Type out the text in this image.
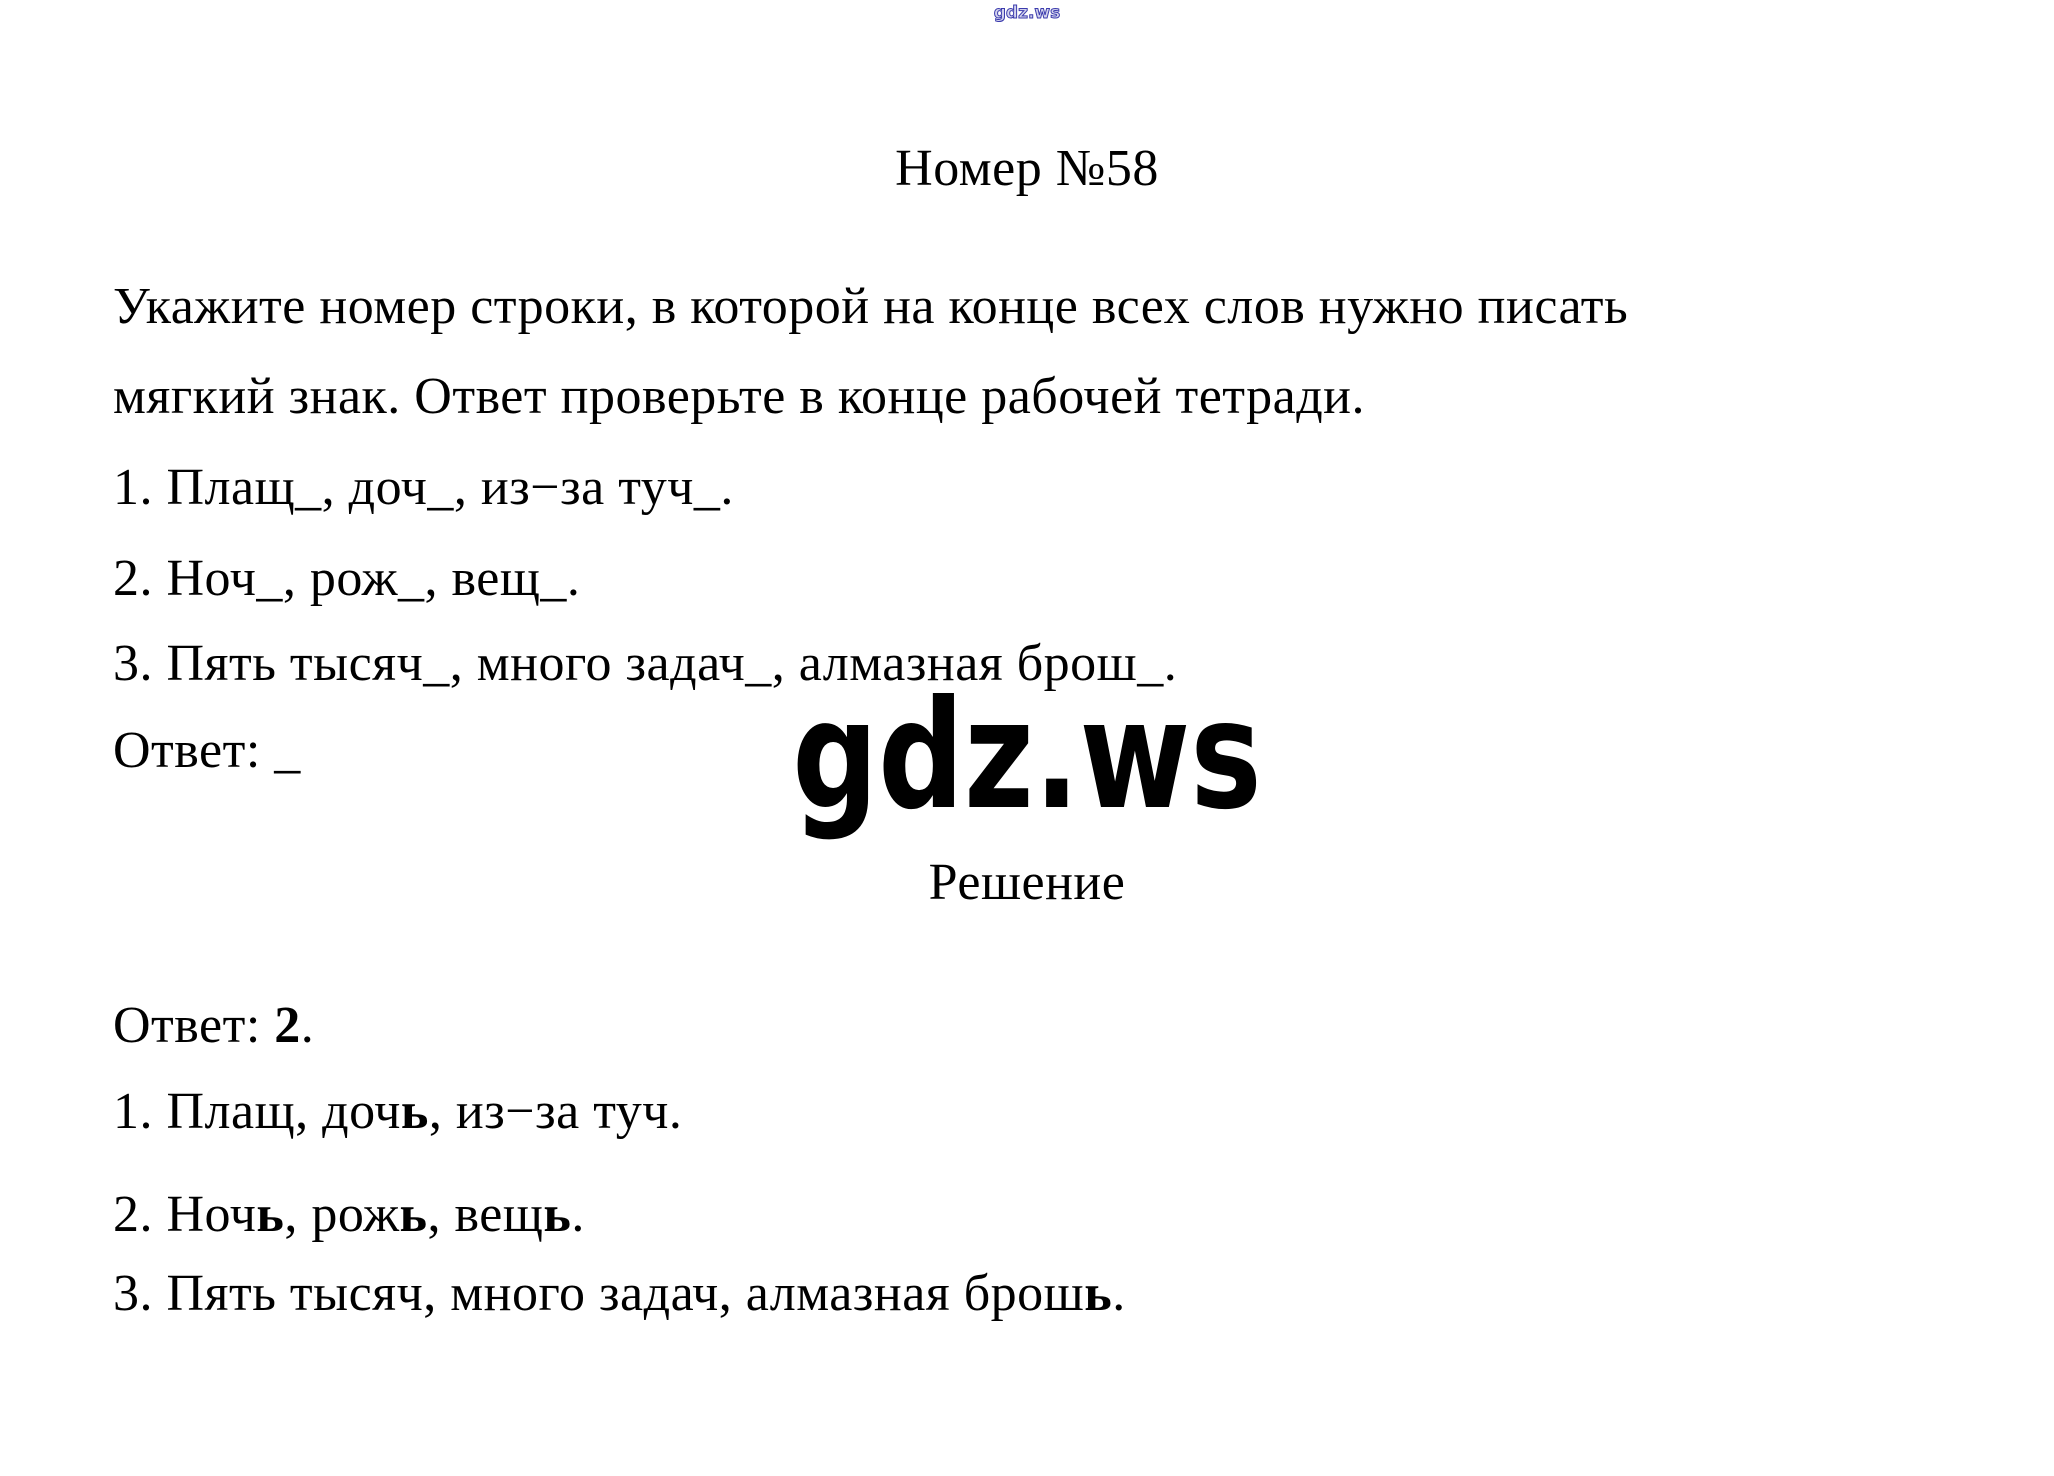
gdz.ws
Номер №58
Укажите номер строки, в которой на конце всех слов нужно писать
мягкий знак. Ответ проверьте в конце рабочей тетради.
1. Плащ_, доч_, из−за туч_.
2. Ноч_, рож_, вещ_.
3. Пять тысяч_, много задач_, алмазная брош_.
Ответ: _	gdz.ws
Решение
Ответ: 2.
1. Плащ, дочь, из−за туч.
2. Ночь, рожь, вещь.
3. Пять тысяч, много задач, алмазная брошь.
